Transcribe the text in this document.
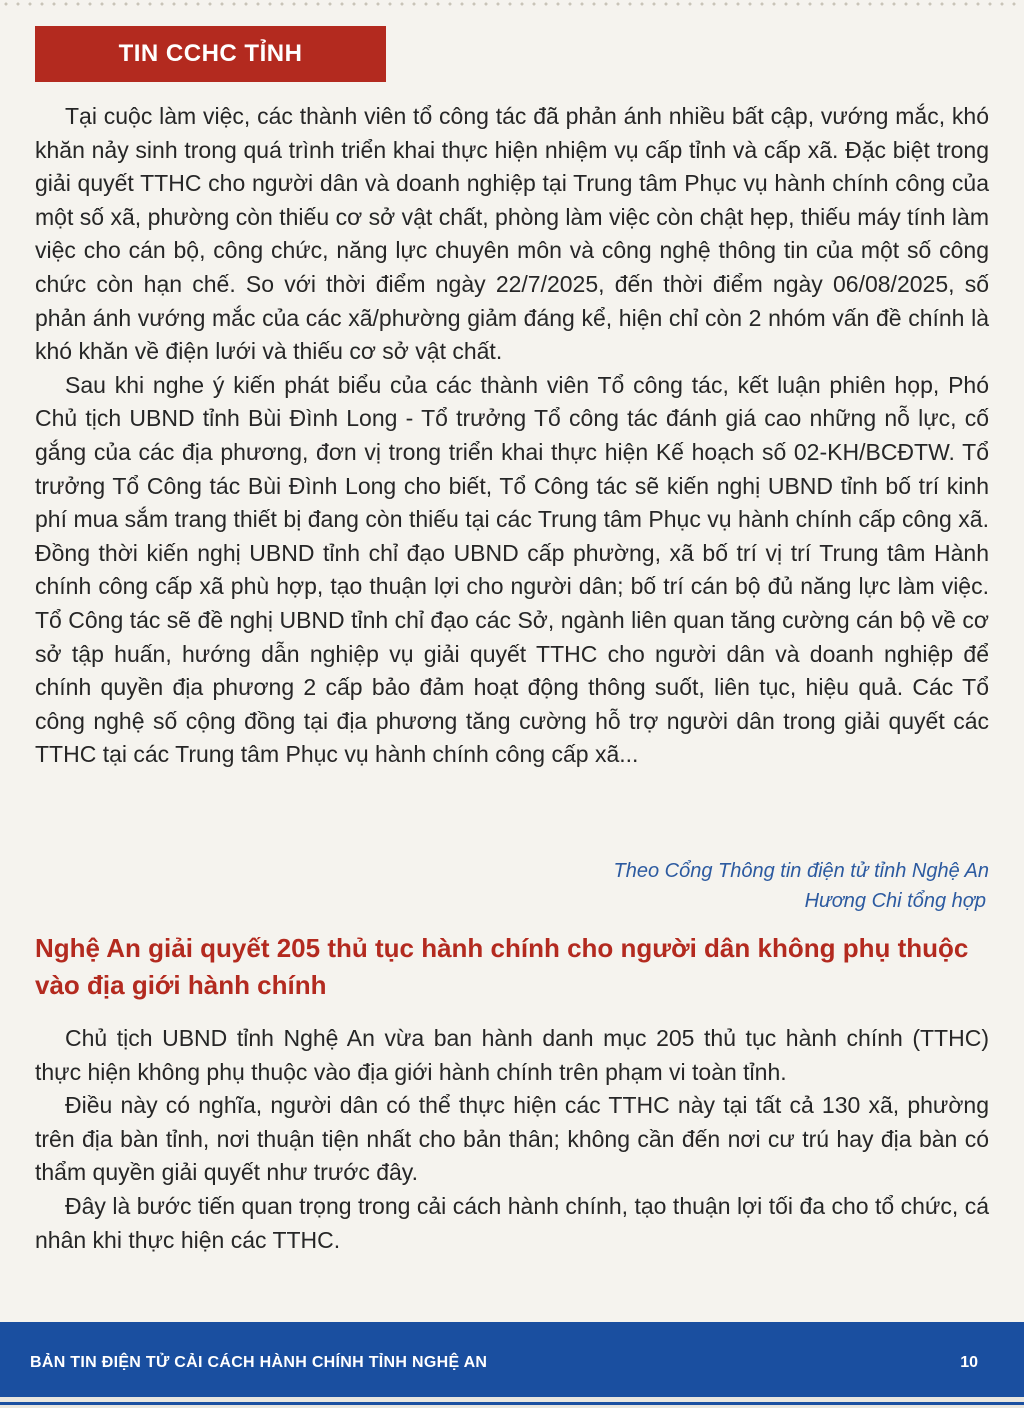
TIN CCHC TỈNH

Tại cuộc làm việc, các thành viên tổ công tác đã phản ánh nhiều bất cập, vướng mắc, khó khăn nảy sinh trong quá trình triển khai thực hiện nhiệm vụ cấp tỉnh và cấp xã. Đặc biệt trong giải quyết TTHC cho người dân và doanh nghiệp tại Trung tâm Phục vụ hành chính công của một số xã, phường còn thiếu cơ sở vật chất, phòng làm việc còn chật hẹp, thiếu máy tính làm việc cho cán bộ, công chức, năng lực chuyên môn và công nghệ thông tin của một số công chức còn hạn chế. So với thời điểm ngày 22/7/2025, đến thời điểm ngày 06/08/2025, số phản ánh vướng mắc của các xã/phường giảm đáng kể, hiện chỉ còn 2 nhóm vấn đề chính là khó khăn về điện lưới và thiếu cơ sở vật chất.

Sau khi nghe ý kiến phát biểu của các thành viên Tổ công tác, kết luận phiên họp, Phó Chủ tịch UBND tỉnh Bùi Đình Long - Tổ trưởng Tổ công tác đánh giá cao những nỗ lực, cố gắng của các địa phương, đơn vị trong triển khai thực hiện Kế hoạch số 02-KH/BCĐTW. Tổ trưởng Tổ Công tác Bùi Đình Long cho biết, Tổ Công tác sẽ kiến nghị UBND tỉnh bố trí kinh phí mua sắm trang thiết bị đang còn thiếu tại các Trung tâm Phục vụ hành chính cấp công xã. Đồng thời kiến nghị UBND tỉnh chỉ đạo UBND cấp phường, xã bố trí vị trí Trung tâm Hành chính công cấp xã phù hợp, tạo thuận lợi cho người dân; bố trí cán bộ đủ năng lực làm việc. Tổ Công tác sẽ đề nghị UBND tỉnh chỉ đạo các Sở, ngành liên quan tăng cường cán bộ về cơ sở tập huấn, hướng dẫn nghiệp vụ giải quyết TTHC cho người dân và doanh nghiệp để chính quyền địa phương 2 cấp bảo đảm hoạt động thông suốt, liên tục, hiệu quả. Các Tổ công nghệ số cộng đồng tại địa phương tăng cường hỗ trợ người dân trong giải quyết các TTHC tại các Trung tâm Phục vụ hành chính công cấp xã...

Theo Cổng Thông tin điện tử tỉnh Nghệ An
Hương Chi tổng hợp
Nghệ An giải quyết 205 thủ tục hành chính cho người dân không phụ thuộc vào địa giới hành chính

Chủ tịch UBND tỉnh Nghệ An vừa ban hành danh mục 205 thủ tục hành chính (TTHC) thực hiện không phụ thuộc vào địa giới hành chính trên phạm vi toàn tỉnh.

Điều này có nghĩa, người dân có thể thực hiện các TTHC này tại tất cả 130 xã, phường trên địa bàn tỉnh, nơi thuận tiện nhất cho bản thân; không cần đến nơi cư trú hay địa bàn có thẩm quyền giải quyết như trước đây.

Đây là bước tiến quan trọng trong cải cách hành chính, tạo thuận lợi tối đa cho tổ chức, cá nhân khi thực hiện các TTHC.

BẢN TIN ĐIỆN TỬ CẢI CÁCH HÀNH CHÍNH TỈNH NGHỆ AN	10
